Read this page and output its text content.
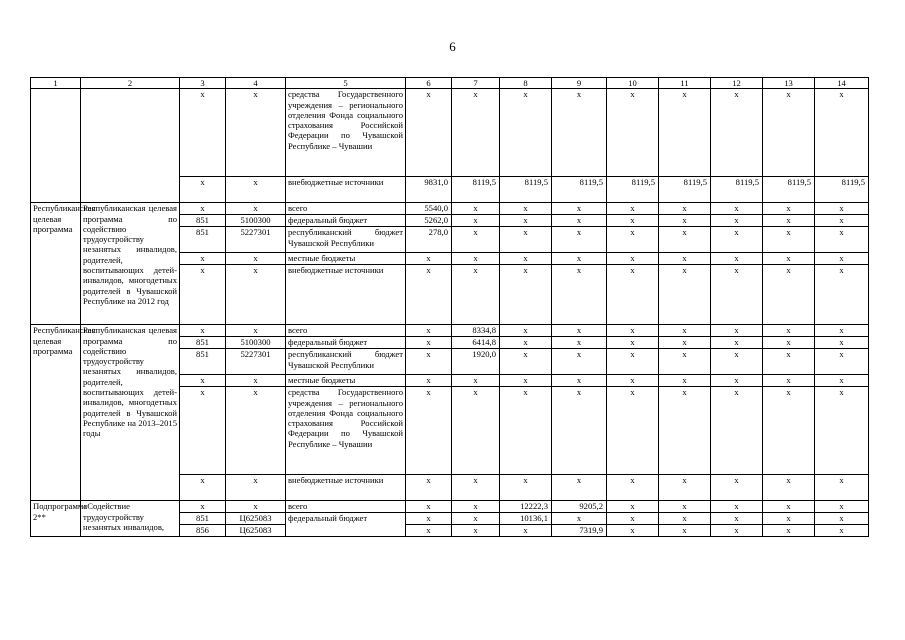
6
1	2	3	4	5	6	7	8	9	10	11	12	13	14
		x	x	средства Государственного учреждения – регионального отделения Фонда социального страхования Российской Федерации по Чувашской Республике – Чувашии	x	x	x	x	x	x	x	x	x
		x	x	внебюджетные источники	9831,0	8119,5	8119,5	8119,5	8119,5	8119,5	8119,5	8119,5	8119,5
Республиканская целевая программа	Республиканская целевая программа по содействию трудоустройству незанятых инвалидов, родителей, воспитывающих детей-инвалидов, многодетных родителей в Чувашской Республике на 2012 год	x	x	всего	5540,0	x	x	x	x	x	x	x	x
		851	5100300	федеральный бюджет	5262,0	x	x	x	x	x	x	x	x
		851	5227301	республиканский бюджет Чувашской Республики	278,0	x	x	x	x	x	x	x	x
		x	x	местные бюджеты	x	x	x	x	x	x	x	x	x
		x	x	внебюджетные источники	x	x	x	x	x	x	x	x	x
Республиканская целевая программа	Республиканская целевая программа по содействию трудоустройству незанятых инвалидов, родителей, воспитывающих детей-инвалидов, многодетных родителей в Чувашской Республике на 2013–2015 годы	x	x	всего	x	8334,8	x	x	x	x	x	x	x
		851	5100300	федеральный бюджет	x	6414,8	x	x	x	x	x	x	x
		851	5227301	республиканский бюджет Чувашской Республики	x	1920,0	x	x	x	x	x	x	x
		x	x	местные бюджеты	x	x	x	x	x	x	x	x	x
		x	x	средства Государственного учреждения – регионального отделения Фонда социального страхования Российской Федерации по Чувашской Республике – Чувашии	x	x	x	x	x	x	x	x	x
		x	x	внебюджетные источники	x	x	x	x	x	x	x	x	x
Подпрограмма 2**	«Содействие трудоустройству незанятых инвалидов,	x	x	всего	x	x	12222,3	9205,2	x	x	x	x	x
		851	Ц625083	федеральный бюджет	x	x	10136,1	x	x	x	x	x	x
		856	Ц625083		x	x	x	7319,9	x	x	x	x	x
